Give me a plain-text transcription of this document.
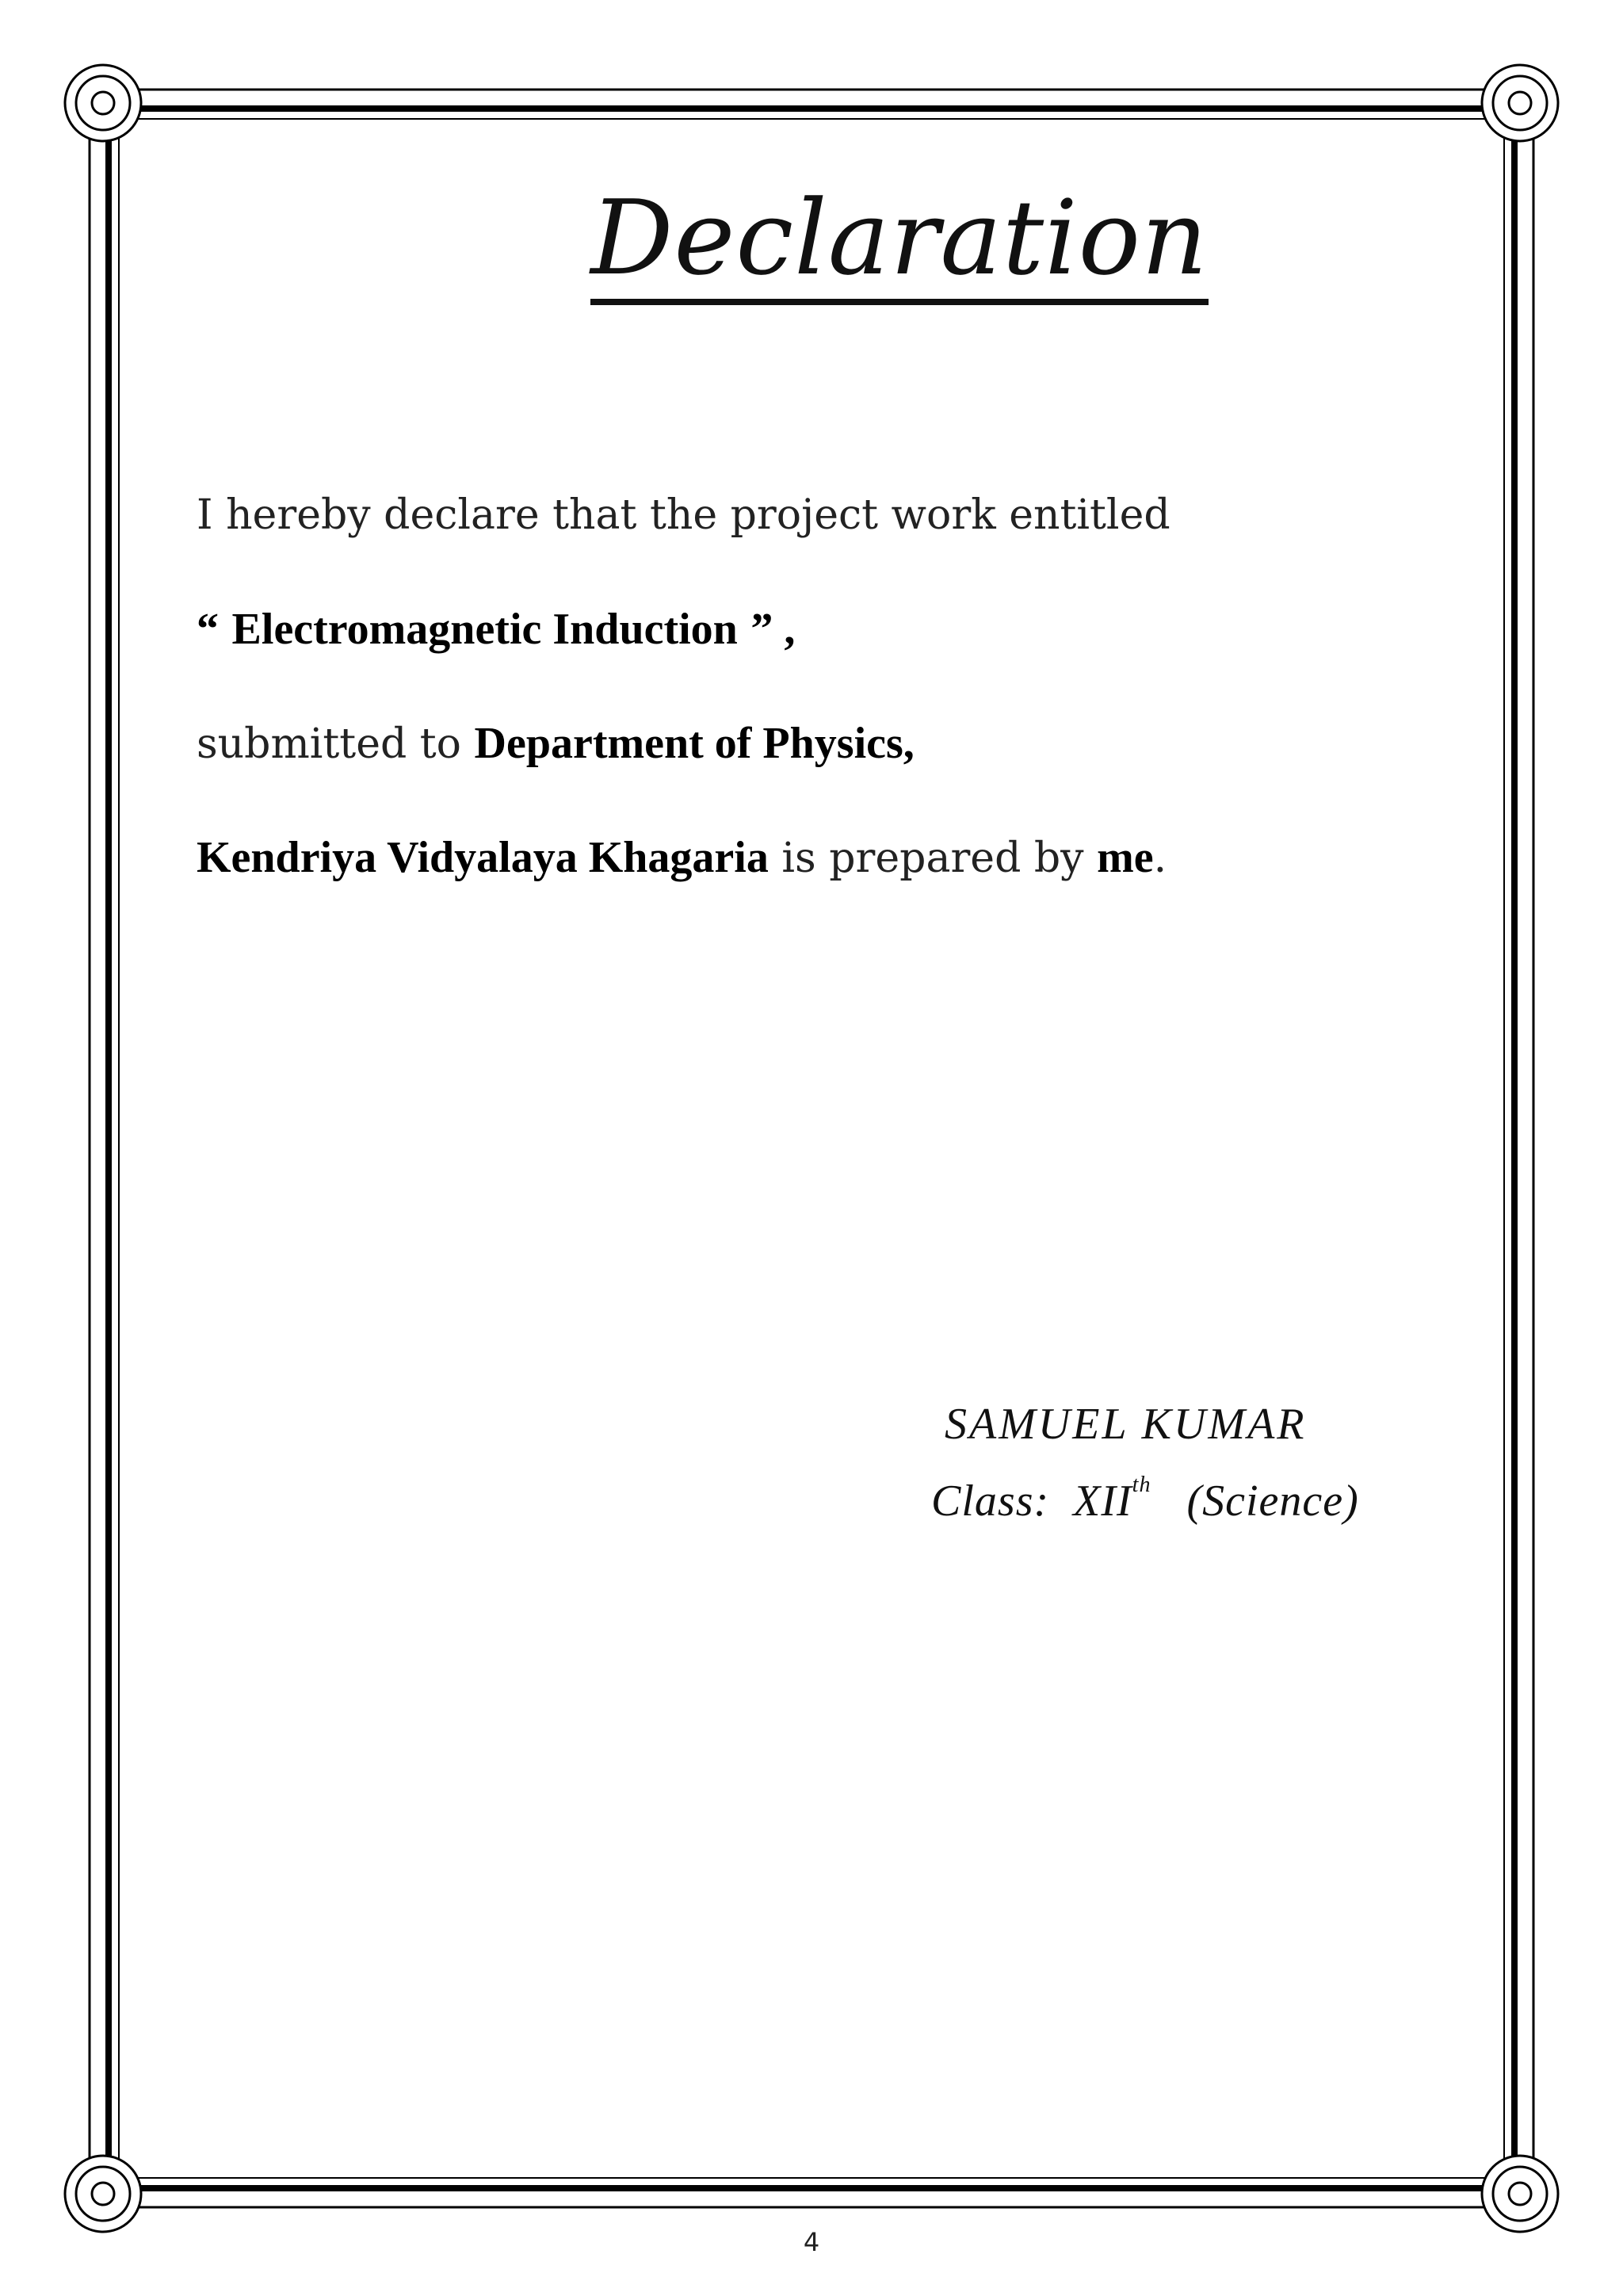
Declaration
I hereby declare that the project work entitled
“ Electromagnetic Induction ” ,
submitted to Department of Physics,
Kendriya Vidyalaya Khagaria is prepared by me.
SAMUEL KUMAR
Class: XIIth (Science)
4
